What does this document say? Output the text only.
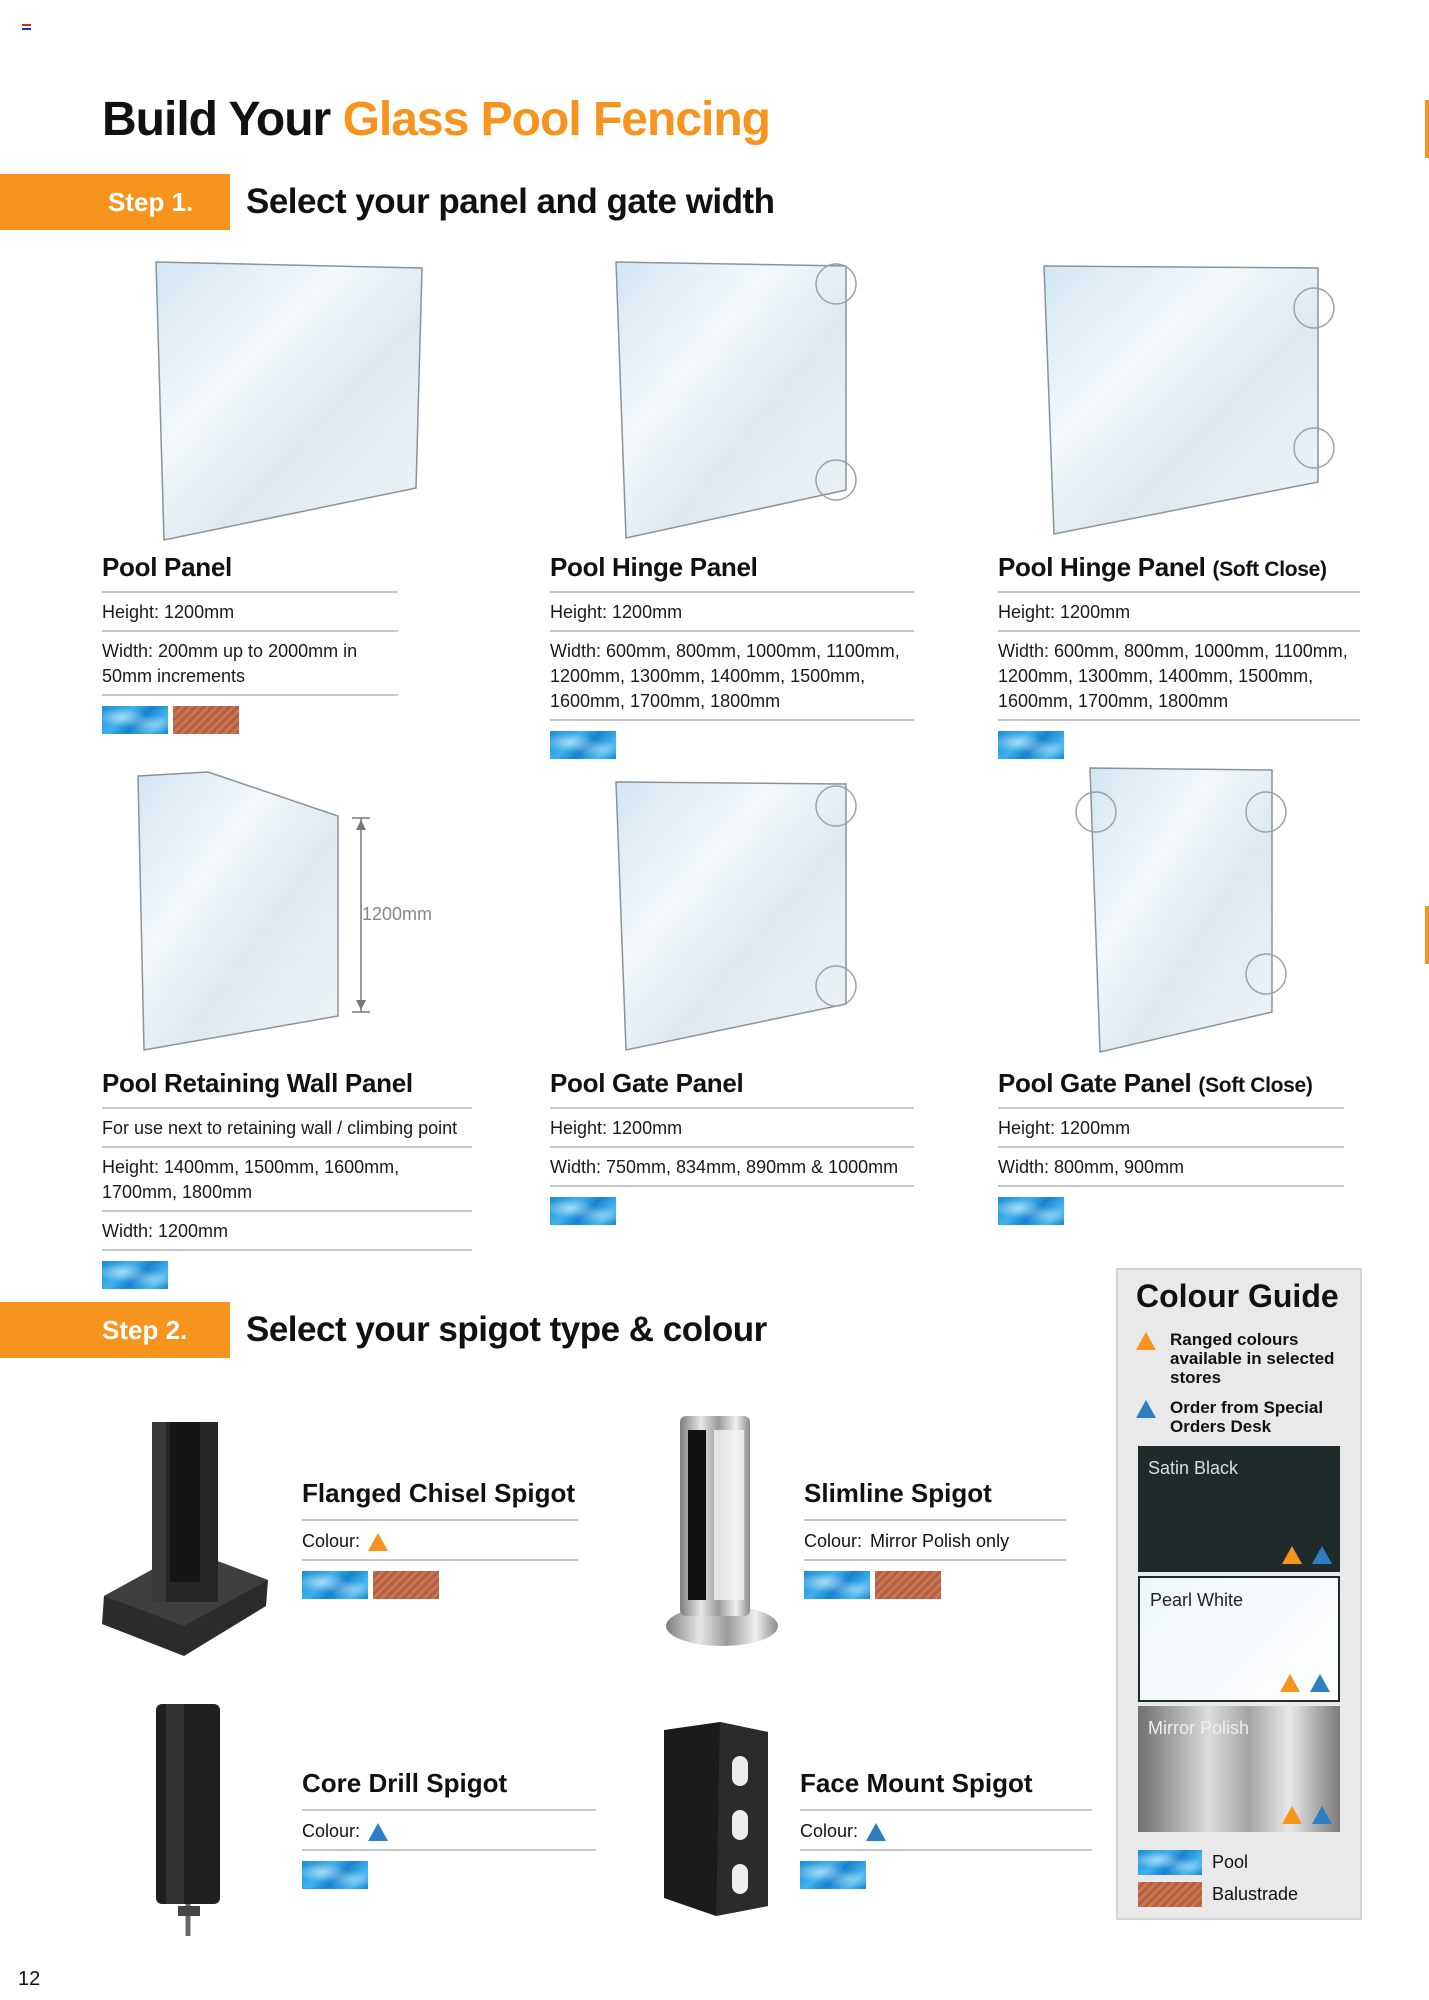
Build Your Glass Pool Fencing
Step 1. Select your panel and gate width
1200mm
Pool Panel
Height: 1200mm
Width: 200mm up to 2000mm in 50mm increments
Pool Hinge Panel
Height: 1200mm
Width: 600mm, 800mm, 1000mm, 1100mm, 1200mm, 1300mm, 1400mm, 1500mm, 1600mm, 1700mm, 1800mm
Pool Hinge Panel (Soft Close)
Height: 1200mm
Width: 600mm, 800mm, 1000mm, 1100mm, 1200mm, 1300mm, 1400mm, 1500mm, 1600mm, 1700mm, 1800mm
Pool Retaining Wall Panel
For use next to retaining wall / climbing point
Height: 1400mm, 1500mm, 1600mm, 1700mm, 1800mm
Width: 1200mm
Pool Gate Panel
Height: 1200mm
Width: 750mm, 834mm, 890mm & 1000mm
Pool Gate Panel (Soft Close)
Height: 1200mm
Width: 800mm, 900mm
Step 2. Select your spigot type & colour
Flanged Chisel Spigot
Colour:
Slimline Spigot
Colour: Mirror Polish only
Core Drill Spigot
Colour:
Face Mount Spigot
Colour:
Colour Guide
Ranged colours available in selected stores
Order from Special Orders Desk
Satin Black
Pearl White
Mirror Polish
Pool
Balustrade
12
